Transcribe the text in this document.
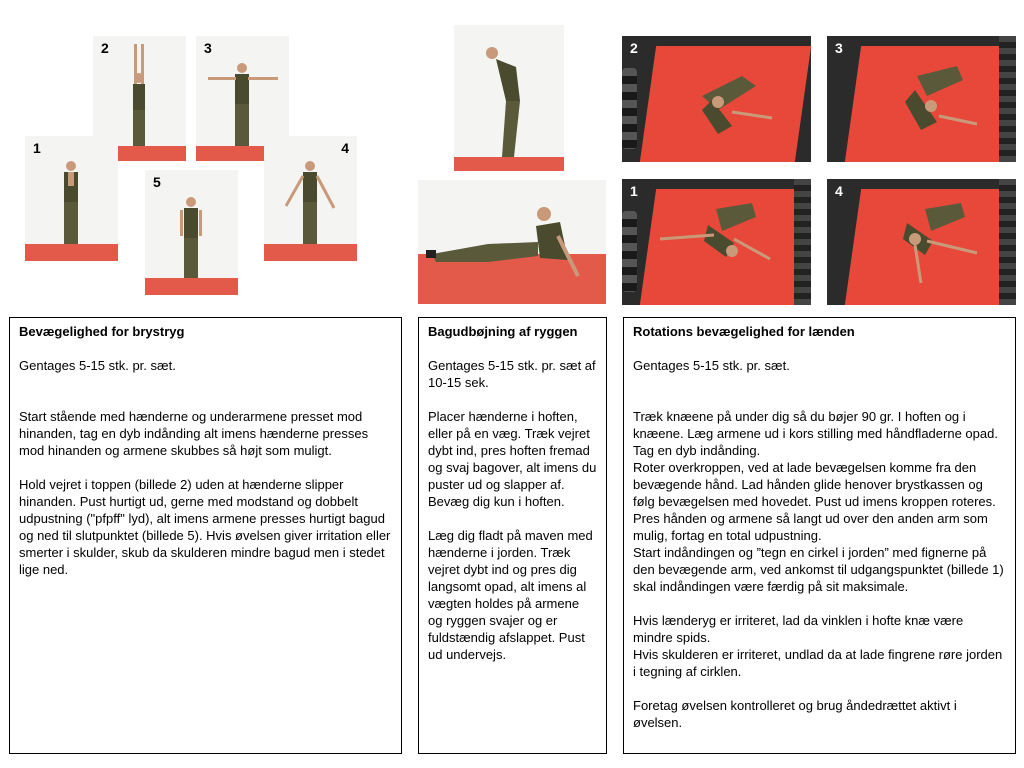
2	3
1
5
4
2	3
1	4
Bevægelighed for brystryg

Gentages 5-15 stk. pr. sæt.

Start stående med hænderne og underarmene presset mod hinanden, tag en dyb indånding alt imens hænderne presses mod hinanden og armene skubbes så højt som muligt.

Hold vejret i toppen (billede 2) uden at hænderne slipper hinanden. Pust hurtigt ud, gerne med modstand og dobbelt udpustning ("pfpff" lyd), alt imens armene presses hurtigt bagud og ned til slutpunktet (billede 5). Hvis øvelsen giver irritation eller smerter i skulder, skub da skulderen mindre bagud men i stedet lige ned.

Bagudbøjning af ryggen

Gentages 5-15 stk. pr. sæt af 10-15 sek.

Placer hænderne i hoften, eller på en væg. Træk vejret dybt ind, pres hoften fremad og svaj bagover, alt imens du puster ud og slapper af. Bevæg dig kun i hoften.

Læg dig fladt på maven med hænderne i jorden. Træk vejret dybt ind og pres dig langsomt opad, alt imens al vægten holdes på armene og ryggen svajer og er fuldstændig afslappet. Pust ud undervejs.

Rotations bevægelighed for lænden

Gentages 5-15 stk. pr. sæt.

Træk knæene på under dig så du bøjer 90 gr. I hoften og i knæene. Læg armene ud i kors stilling med håndfladerne opad. Tag en dyb indånding.
Roter overkroppen, ved at lade bevægelsen komme fra den bevægende hånd. Lad hånden glide henover brystkassen og følg bevægelsen med hovedet. Pust ud imens kroppen roteres.
Pres hånden og armene så langt ud over den anden arm som mulig, fortag en total udpustning.
Start indåndingen og ”tegn en cirkel i jorden” med fignerne på den bevægende arm, ved ankomst til udgangspunktet (billede 1) skal indåndingen være færdig på sit maksimale.

Hvis lænderyg er irriteret, lad da vinklen i hofte knæ være mindre spids.
Hvis skulderen er irriteret, undlad da at lade fingrene røre jorden i tegning af cirklen.

Foretag øvelsen kontrolleret og brug åndedrættet aktivt i øvelsen.
